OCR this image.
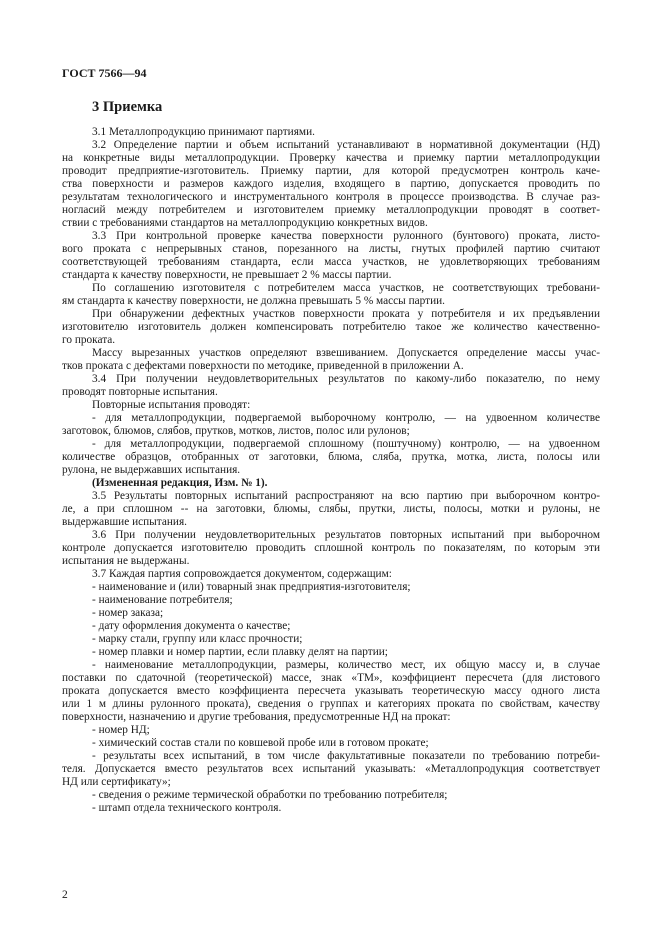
ГОСТ 7566—94
3 Приемка
3.1 Металлопродукцию принимают партиями.
3.2 Определение партии и объем испытаний устанавливают в нормативной документации (НД)
на конкретные виды металлопродукции. Проверку качества и приемку партии металлопродукции
проводит предприятие-изготовитель. Приемку партии, для которой предусмотрен контроль каче-
ства поверхности и размеров каждого изделия, входящего в партию, допускается проводить по
результатам технологического и инструментального контроля в процессе производства. В случае раз-
ногласий между потребителем и изготовителем приемку металлопродукции проводят в соответ-
ствии с требованиями стандартов на металлопродукцию конкретных видов.
3.3 При контрольной проверке качества поверхности рулонного (бунтового) проката, листо-
вого проката с непрерывных станов, порезанного на листы, гнутых профилей партию считают
соответствующей требованиям стандарта, если масса участков, не удовлетворяющих требованиям
стандарта к качеству поверхности, не превышает 2 % массы партии.
По соглашению изготовителя с потребителем масса участков, не соответствующих требовани-
ям стандарта к качеству поверхности, не должна превышать 5 % массы партии.
При обнаружении дефектных участков поверхности проката у потребителя и их предъявлении
изготовителю изготовитель должен компенсировать потребителю такое же количество качественно-
го проката.
Массу вырезанных участков определяют взвешиванием. Допускается определение массы учас-
тков проката с дефектами поверхности по методике, приведенной в приложении А.
3.4 При получении неудовлетворительных результатов по какому-либо показателю, по нему
проводят повторные испытания.
Повторные испытания проводят:
- для металлопродукции, подвергаемой выборочному контролю, — на удвоенном количестве
заготовок, блюмов, слябов, прутков, мотков, листов, полос или рулонов;
- для металлопродукции, подвергаемой сплошному (поштучному) контролю, — на удвоенном
количестве образцов, отобранных от заготовки, блюма, сляба, прутка, мотка, листа, полосы или
рулона, не выдержавших испытания.
(Измененная редакция, Изм. № 1).
3.5 Результаты повторных испытаний распространяют на всю партию при выборочном контро-
ле, а при сплошном -- на заготовки, блюмы, слябы, прутки, листы, полосы, мотки и рулоны, не
выдержавшие испытания.
3.6 При получении неудовлетворительных результатов повторных испытаний при выборочном
контроле допускается изготовителю проводить сплошной контроль по показателям, по которым эти
испытания не выдержаны.
3.7 Каждая партия сопровождается документом, содержащим:
- наименование и (или) товарный знак предприятия-изготовителя;
- наименование потребителя;
- номер заказа;
- дату оформления документа о качестве;
- марку стали, группу или класс прочности;
- номер плавки и номер партии, если плавку делят на партии;
- наименование металлопродукции, размеры, количество мест, их общую массу и, в случае
поставки по сдаточной (теоретической) массе, знак «ТМ», коэффициент пересчета (для листового
проката допускается вместо коэффициента пересчета указывать теоретическую массу одного листа
или 1 м длины рулонного проката), сведения о группах и категориях проката по свойствам, качеству
поверхности, назначению и другие требования, предусмотренные НД на прокат:
- номер НД;
- химический состав стали по ковшевой пробе или в готовом прокате;
- результаты всех испытаний, в том числе факультативные показатели по требованию потреби-
теля. Допускается вместо результатов всех испытаний указывать: «Металлопродукция соответствует
НД или сертификату»;
- сведения о режиме термической обработки по требованию потребителя;
- штамп отдела технического контроля.
2
